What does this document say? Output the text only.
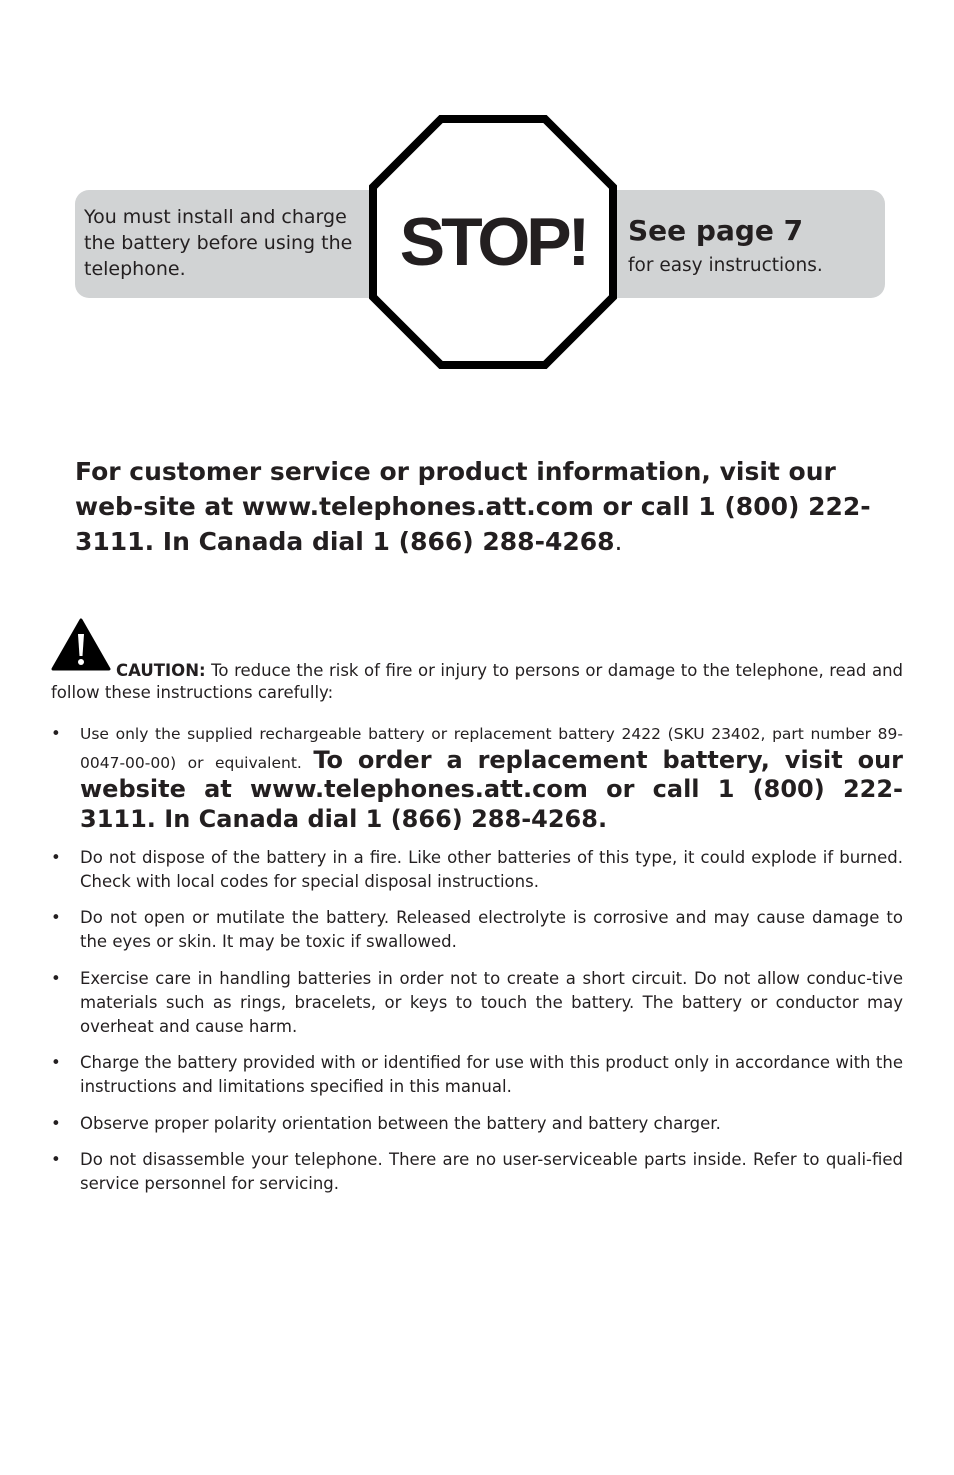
You must install and charge the battery before using the telephone.	STOP!	See page 7
for easy instructions.
For customer service or product information, visit our web-site at www.telephones.att.com or call 1 (800) 222-3111. In Canada dial 1 (866) 288-4268.
CAUTION: To reduce the risk of fire or injury to persons or damage to the telephone, read and follow these instructions carefully:
• Use only the supplied rechargeable battery or replacement battery 2422 (SKU 23402, part number 89-0047-00-00) or equivalent. To order a replacement battery, visit our website at www.telephones.att.com or call 1 (800) 222-3111. In Canada dial 1 (866) 288-4268.
• Do not dispose of the battery in a fire. Like other batteries of this type, it could explode if burned. Check with local codes for special disposal instructions.
• Do not open or mutilate the battery. Released electrolyte is corrosive and may cause damage to the eyes or skin. It may be toxic if swallowed.
• Exercise care in handling batteries in order not to create a short circuit. Do not allow conduc-tive materials such as rings, bracelets, or keys to touch the battery. The battery or conductor may overheat and cause harm.
• Charge the battery provided with or identified for use with this product only in accordance with the instructions and limitations specified in this manual.
• Observe proper polarity orientation between the battery and battery charger.
• Do not disassemble your telephone. There are no user-serviceable parts inside. Refer to quali-fied service personnel for servicing.
